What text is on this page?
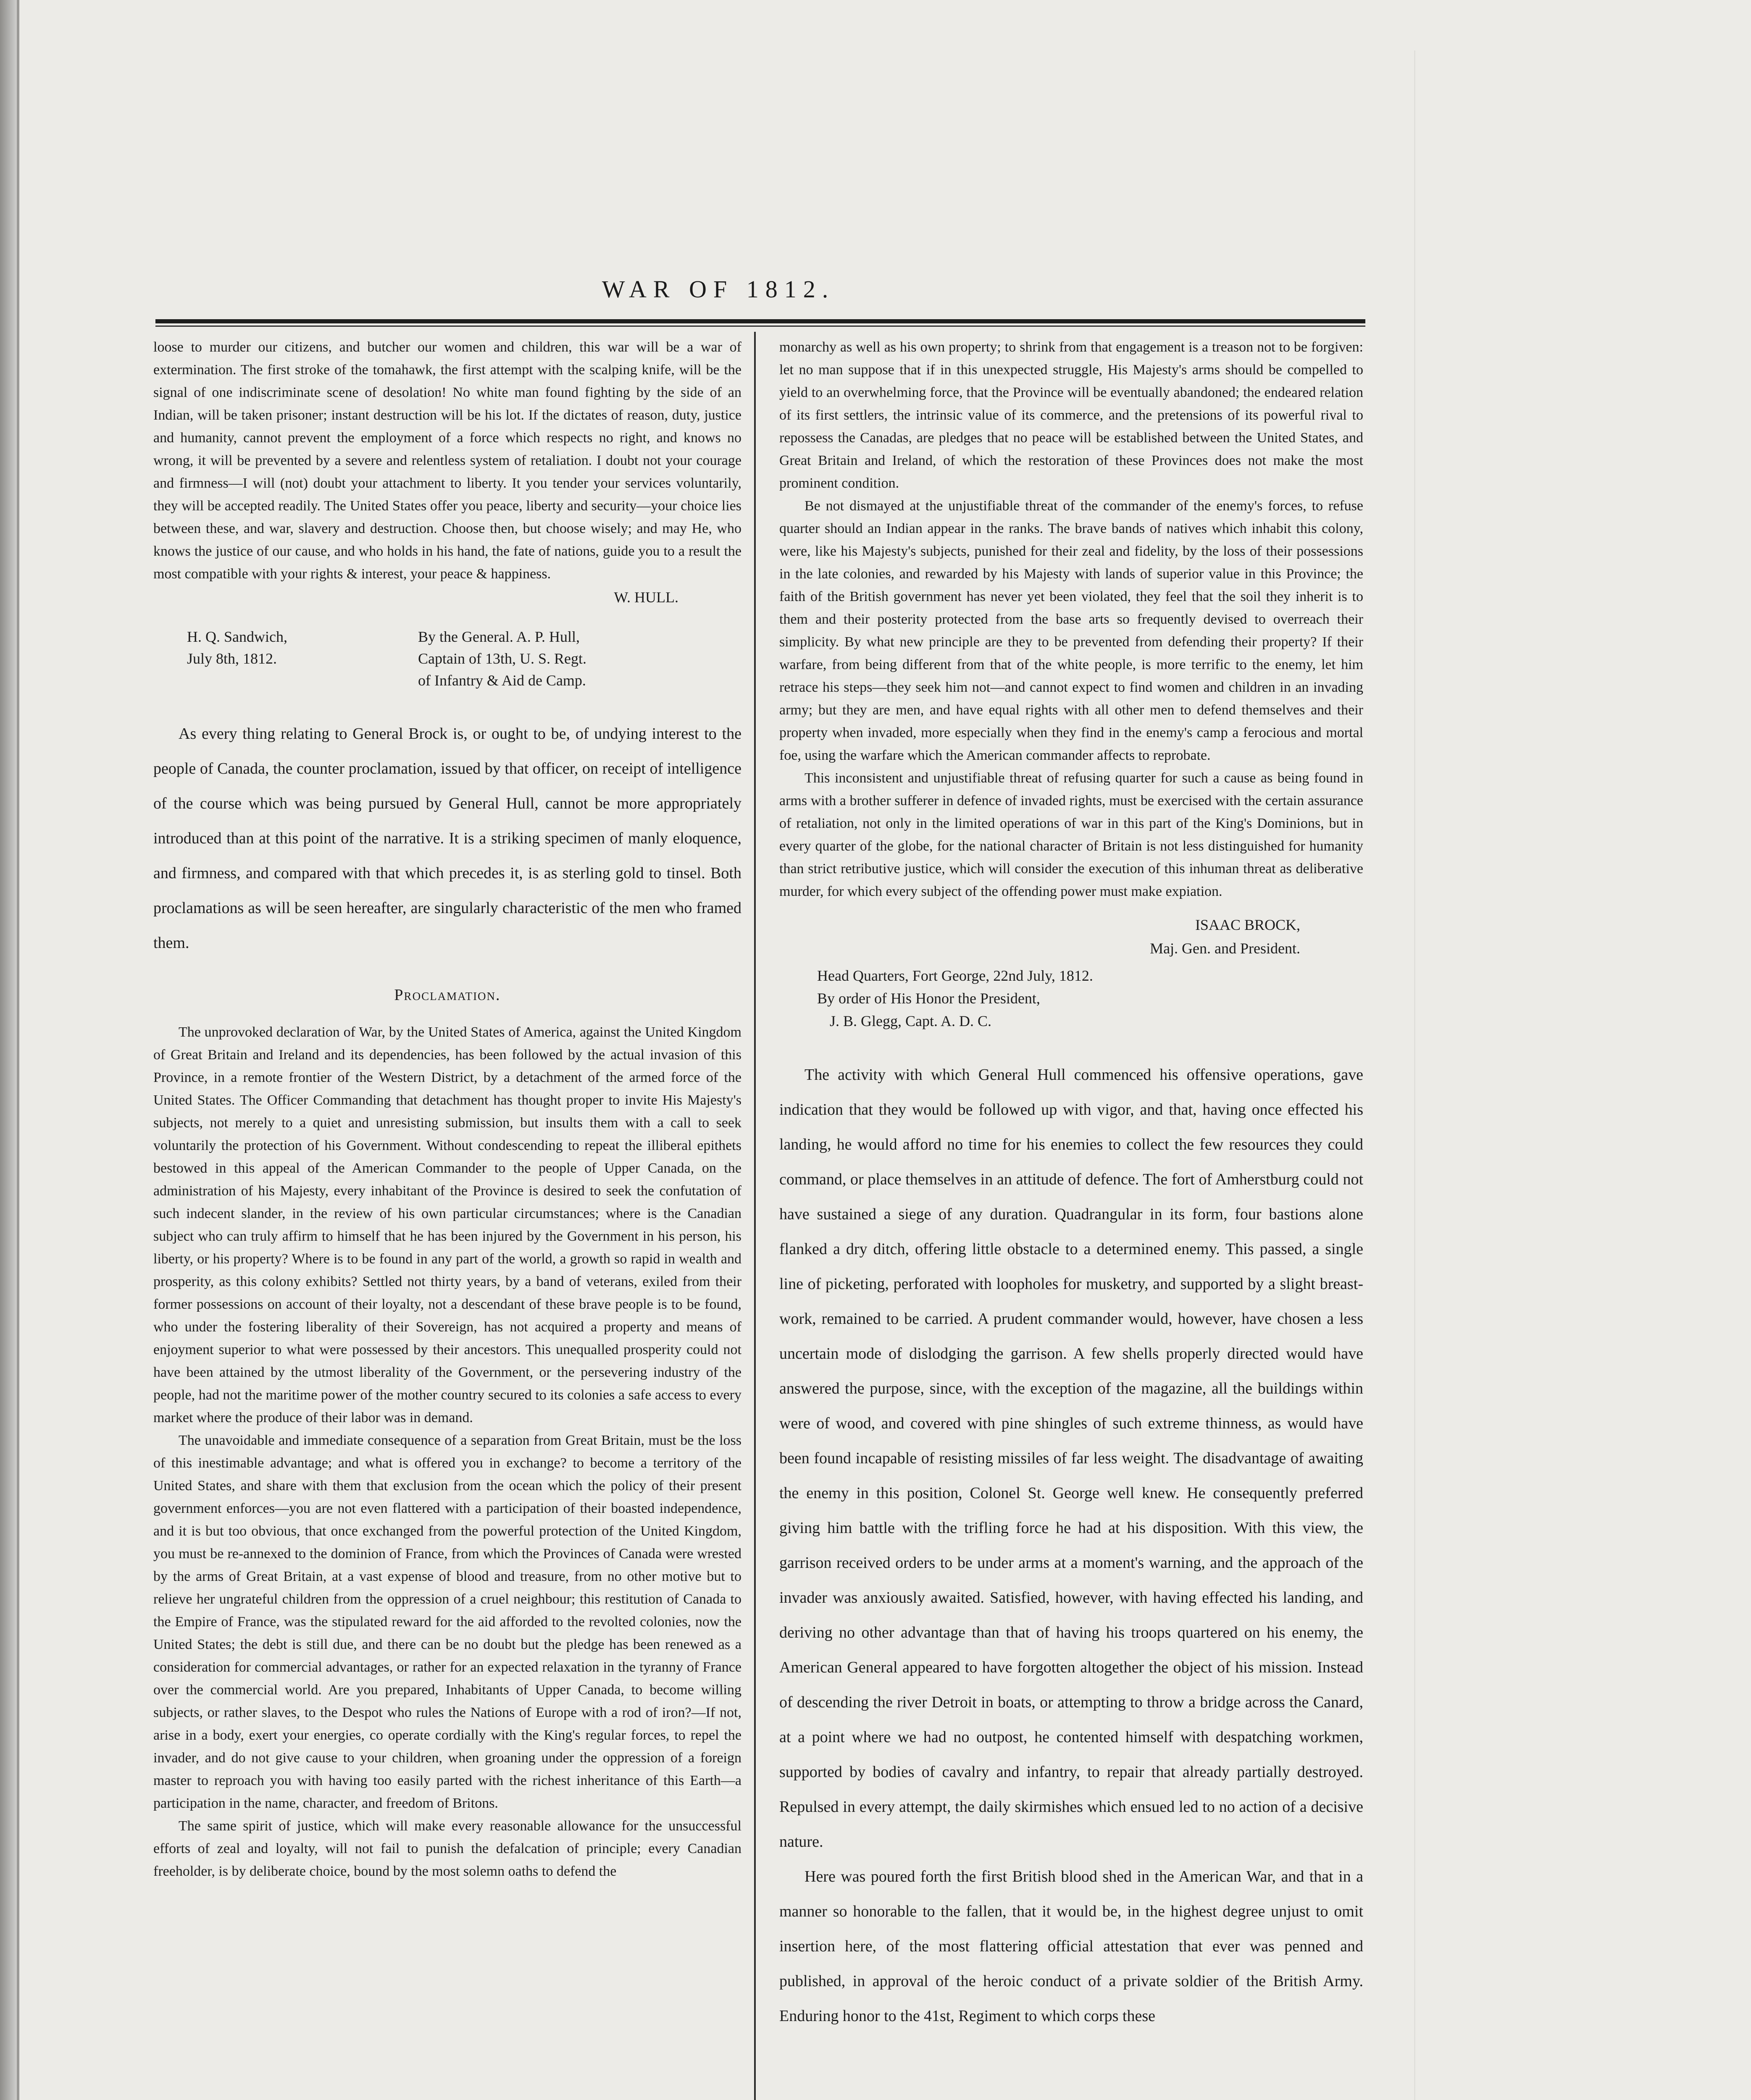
WAR OF 1812.

loose to murder our citizens, and butcher our women and children, this war will be a war of extermination. The first stroke of the tomahawk, the first attempt with the scalping knife, will be the signal of one indiscriminate scene of desolation! No white man found fighting by the side of an Indian, will be taken prisoner; instant destruction will be his lot. If the dictates of reason, duty, justice and humanity, cannot prevent the employment of a force which respects no right, and knows no wrong, it will be prevented by a severe and relentless system of retaliation. I doubt not your courage and firmness—I will (not) doubt your attachment to liberty. It you tender your services voluntarily, they will be accepted readily. The United States offer you peace, liberty and security—your choice lies between these, and war, slavery and destruction. Choose then, but choose wisely; and may He, who knows the justice of our cause, and who holds in his hand, the fate of nations, guide you to a result the most compatible with your rights & interest, your peace & happiness.

W. HULL.
H. Q. Sandwich,
July 8th, 1812.
By the General. A. P. Hull,
Captain of 13th, U. S. Regt.
of Infantry & Aid de Camp.

As every thing relating to General Brock is, or ought to be, of undying interest to the people of Canada, the counter proclamation, issued by that officer, on receipt of intelligence of the course which was being pursued by General Hull, cannot be more appropriately introduced than at this point of the narrative. It is a striking specimen of manly eloquence, and firmness, and compared with that which precedes it, is as sterling gold to tinsel. Both proclamations as will be seen hereafter, are singularly characteristic of the men who framed them.

Proclamation.

The unprovoked declaration of War, by the United States of America, against the United Kingdom of Great Britain and Ireland and its dependencies, has been followed by the actual invasion of this Province, in a remote frontier of the Western District, by a detachment of the armed force of the United States. The Officer Commanding that detachment has thought proper to invite His Majesty's subjects, not merely to a quiet and unresisting submission, but insults them with a call to seek voluntarily the protection of his Government. Without condescending to repeat the illiberal epithets bestowed in this appeal of the American Commander to the people of Upper Canada, on the administration of his Majesty, every inhabitant of the Province is desired to seek the confutation of such indecent slander, in the review of his own particular circumstances; where is the Canadian subject who can truly affirm to himself that he has been injured by the Government in his person, his liberty, or his property? Where is to be found in any part of the world, a growth so rapid in wealth and prosperity, as this colony exhibits? Settled not thirty years, by a band of veterans, exiled from their former possessions on account of their loyalty, not a descendant of these brave people is to be found, who under the fostering liberality of their Sovereign, has not acquired a property and means of enjoyment superior to what were possessed by their ancestors. This unequalled prosperity could not have been attained by the utmost liberality of the Government, or the persevering industry of the people, had not the maritime power of the mother country secured to its colonies a safe access to every market where the produce of their labor was in demand.

The unavoidable and immediate consequence of a separation from Great Britain, must be the loss of this inestimable advantage; and what is offered you in exchange? to become a territory of the United States, and share with them that exclusion from the ocean which the policy of their present government enforces—you are not even flattered with a participation of their boasted independence, and it is but too obvious, that once exchanged from the powerful protection of the United Kingdom, you must be re-annexed to the dominion of France, from which the Provinces of Canada were wrested by the arms of Great Britain, at a vast expense of blood and treasure, from no other motive but to relieve her ungrateful children from the oppression of a cruel neighbour; this restitution of Canada to the Empire of France, was the stipulated reward for the aid afforded to the revolted colonies, now the United States; the debt is still due, and there can be no doubt but the pledge has been renewed as a consideration for commercial advantages, or rather for an expected relaxation in the tyranny of France over the commercial world. Are you prepared, Inhabitants of Upper Canada, to become willing subjects, or rather slaves, to the Despot who rules the Nations of Europe with a rod of iron?—If not, arise in a body, exert your energies, co operate cordially with the King's regular forces, to repel the invader, and do not give cause to your children, when groaning under the oppression of a foreign master to reproach you with having too easily parted with the richest inheritance of this Earth—a participation in the name, character, and freedom of Britons.

The same spirit of justice, which will make every reasonable allowance for the unsuccessful efforts of zeal and loyalty, will not fail to punish the defalcation of principle; every Canadian freeholder, is by deliberate choice, bound by the most solemn oaths to defend the

monarchy as well as his own property; to shrink from that engagement is a treason not to be forgiven: let no man suppose that if in this unexpected struggle, His Majesty's arms should be compelled to yield to an overwhelming force, that the Province will be eventually abandoned; the endeared relation of its first settlers, the intrinsic value of its commerce, and the pretensions of its powerful rival to repossess the Canadas, are pledges that no peace will be established between the United States, and Great Britain and Ireland, of which the restoration of these Provinces does not make the most prominent condition.

Be not dismayed at the unjustifiable threat of the commander of the enemy's forces, to refuse quarter should an Indian appear in the ranks. The brave bands of natives which inhabit this colony, were, like his Majesty's subjects, punished for their zeal and fidelity, by the loss of their possessions in the late colonies, and rewarded by his Majesty with lands of superior value in this Province; the faith of the British government has never yet been violated, they feel that the soil they inherit is to them and their posterity protected from the base arts so frequently devised to overreach their simplicity. By what new principle are they to be prevented from defending their property? If their warfare, from being different from that of the white people, is more terrific to the enemy, let him retrace his steps—they seek him not—and cannot expect to find women and children in an invading army; but they are men, and have equal rights with all other men to defend themselves and their property when invaded, more especially when they find in the enemy's camp a ferocious and mortal foe, using the warfare which the American commander affects to reprobate.

This inconsistent and unjustifiable threat of refusing quarter for such a cause as being found in arms with a brother sufferer in defence of invaded rights, must be exercised with the certain assurance of retaliation, not only in the limited operations of war in this part of the King's Dominions, but in every quarter of the globe, for the national character of Britain is not less distinguished for humanity than strict retributive justice, which will consider the execution of this inhuman threat as deliberative murder, for which every subject of the offending power must make expiation.

ISAAC BROCK,
Maj. Gen. and President.
Head Quarters, Fort George, 22nd July, 1812.
By order of His Honor the President,
J. B. Glegg, Capt. A. D. C.

The activity with which General Hull commenced his offensive operations, gave indication that they would be followed up with vigor, and that, having once effected his landing, he would afford no time for his enemies to collect the few resources they could command, or place themselves in an attitude of defence. The fort of Amherstburg could not have sustained a siege of any duration. Quadrangular in its form, four bastions alone flanked a dry ditch, offering little obstacle to a determined enemy. This passed, a single line of picketing, perforated with loopholes for musketry, and supported by a slight breast-work, remained to be carried. A prudent commander would, however, have chosen a less uncertain mode of dislodging the garrison. A few shells properly directed would have answered the purpose, since, with the exception of the magazine, all the buildings within were of wood, and covered with pine shingles of such extreme thinness, as would have been found incapable of resisting missiles of far less weight. The disadvantage of awaiting the enemy in this position, Colonel St. George well knew. He consequently preferred giving him battle with the trifling force he had at his disposition. With this view, the garrison received orders to be under arms at a moment's warning, and the approach of the invader was anxiously awaited. Satisfied, however, with having effected his landing, and deriving no other advantage than that of having his troops quartered on his enemy, the American General appeared to have forgotten altogether the object of his mission. Instead of descending the river Detroit in boats, or attempting to throw a bridge across the Canard, at a point where we had no outpost, he contented himself with despatching workmen, supported by bodies of cavalry and infantry, to repair that already partially destroyed. Repulsed in every attempt, the daily skirmishes which ensued led to no action of a decisive nature.

Here was poured forth the first British blood shed in the American War, and that in a manner so honorable to the fallen, that it would be, in the highest degree unjust to omit insertion here, of the most flattering official attestation that ever was penned and published, in approval of the heroic conduct of a private soldier of the British Army. Enduring honor to the 41st, Regiment to which corps these
